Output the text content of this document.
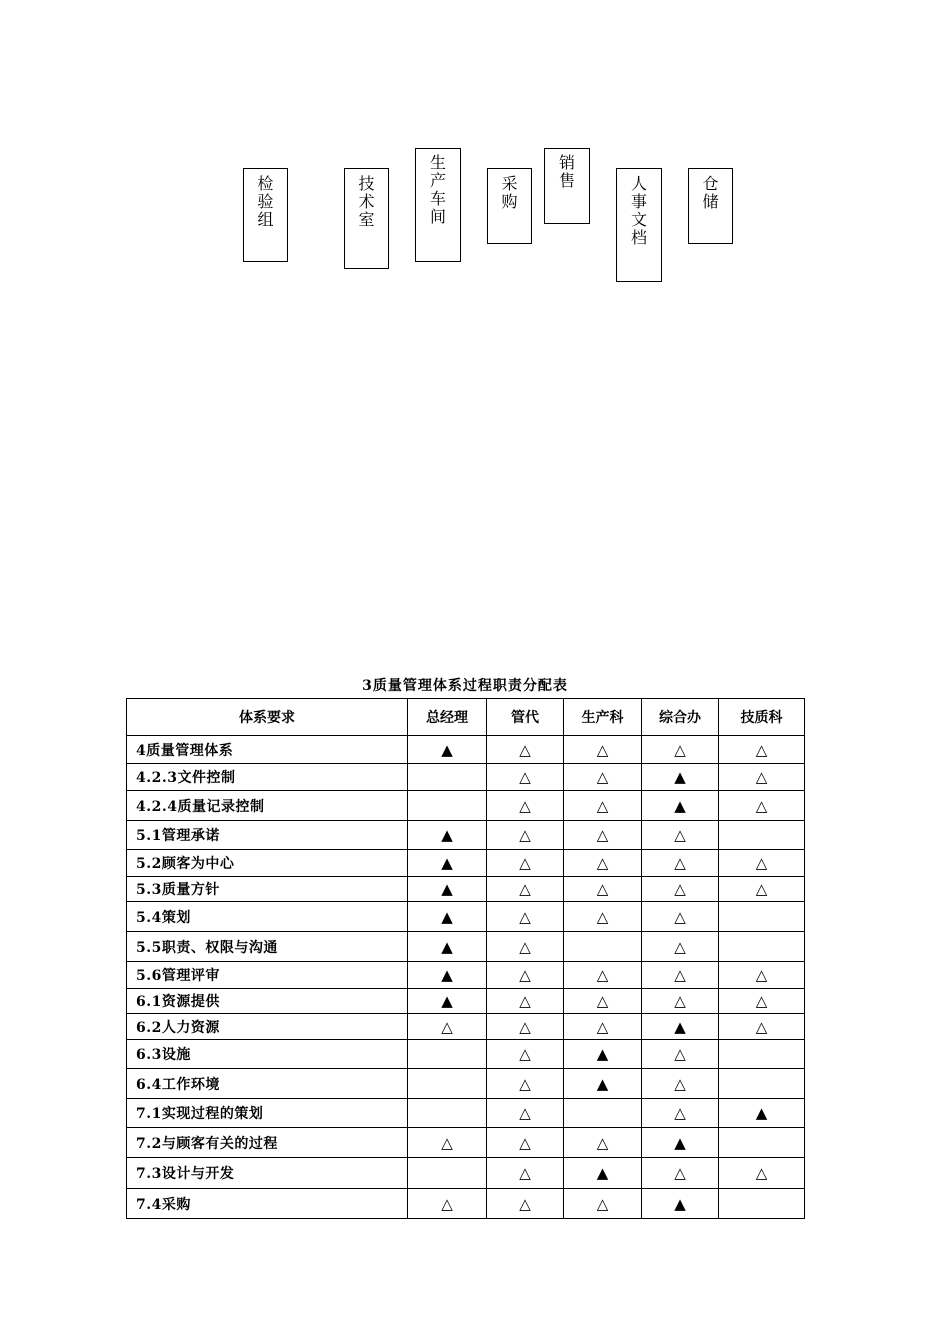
检验组
技术室
生产车间
采购
销售	人事文档
仓储
3质量管理体系过程职责分配表
体系要求	总经理	管代	生产科	综合办	技质科
4质量管理体系	▲	△	△	△	△
4.2.3文件控制		△	△	▲	△
4.2.4质量记录控制		△	△	▲	△
5.1管理承诺	▲	△	△	△	
5.2顾客为中心	▲	△	△	△	△
5.3质量方针	▲	△	△	△	△
5.4策划	▲	△	△	△	
5.5职责、权限与沟通	▲	△		△	
5.6管理评审	▲	△	△	△	△
6.1资源提供	▲	△	△	△	△
6.2人力资源	△	△	△	▲	△
6.3设施		△	▲	△	
6.4工作环境		△	▲	△	
7.1实现过程的策划		△		△	▲
7.2与顾客有关的过程	△	△	△	▲	
7.3设计与开发		△	▲	△	△
7.4采购	△	△	△	▲	
